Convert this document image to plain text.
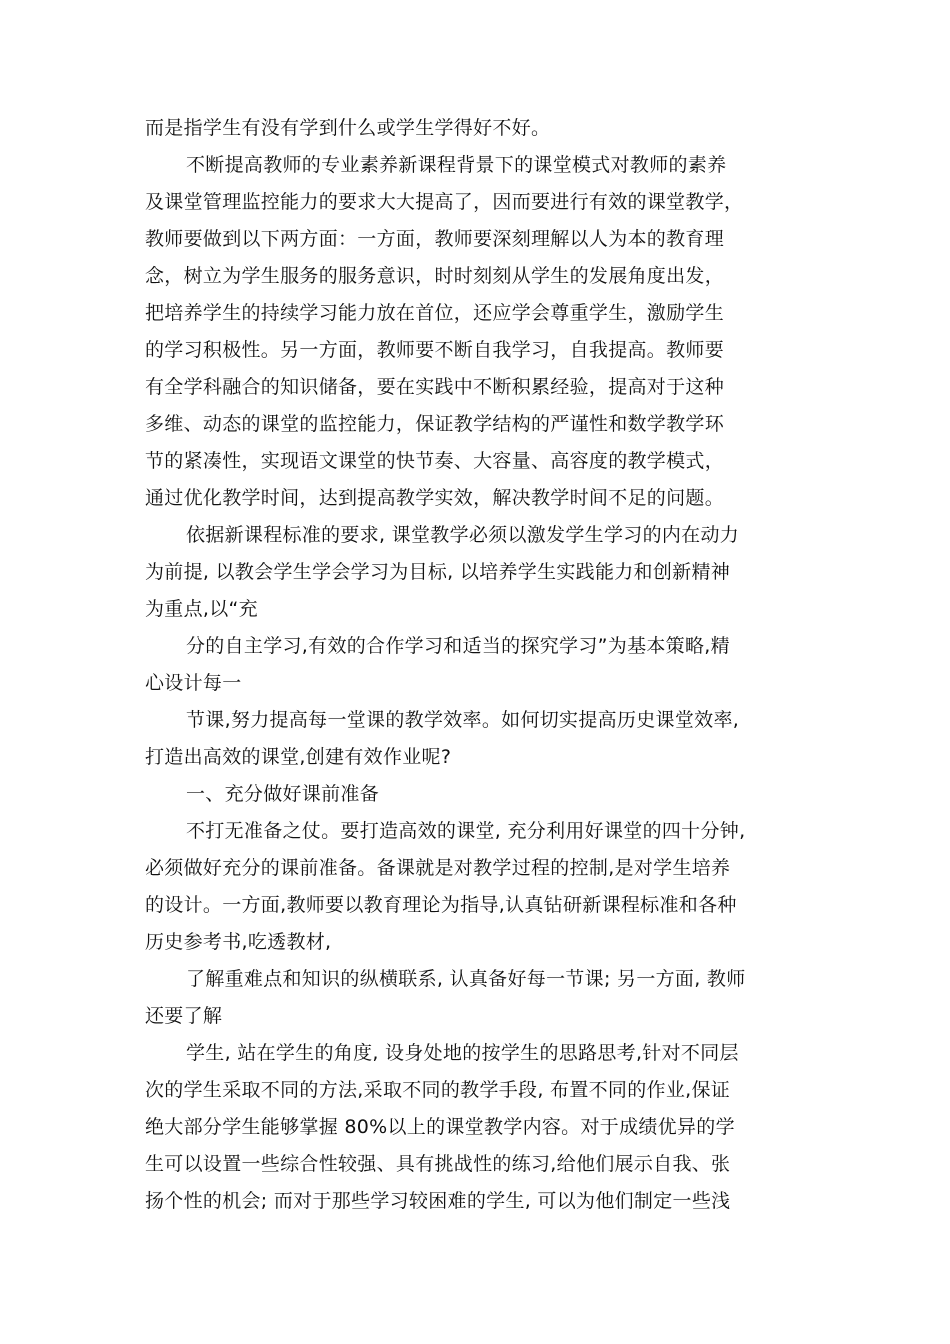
而是指学生有没有学到什么或学生学得好不好。
不断提高教师的专业素养新课程背景下的课堂模式对教师的素养
及课堂管理监控能力的要求大大提高了，因而要进行有效的课堂教学，
教师要做到以下两方面：一方面，教师要深刻理解以人为本的教育理
念，树立为学生服务的服务意识，时时刻刻从学生的发展角度出发，
把培养学生的持续学习能力放在首位，还应学会尊重学生，激励学生
的学习积极性。另一方面，教师要不断自我学习，自我提高。教师要
有全学科融合的知识储备，要在实践中不断积累经验，提高对于这种
多维、动态的课堂的监控能力，保证教学结构的严谨性和数学教学环
节的紧凑性，实现语文课堂的快节奏、大容量、高容度的教学模式，
通过优化教学时间，达到提高教学实效，解决教学时间不足的问题。
依据新课程标准的要求, 课堂教学必须以激发学生学习的内在动力
为前提, 以教会学生学会学习为目标, 以培养学生实践能力和创新精神
为重点,以“充
分的自主学习,有效的合作学习和适当的探究学习”为基本策略,精
心设计每一
节课,努力提高每一堂课的教学效率。如何切实提高历史课堂效率,
打造出高效的课堂,创建有效作业呢?
一、充分做好课前准备
不打无准备之仗。要打造高效的课堂, 充分利用好课堂的四十分钟,
必须做好充分的课前准备。备课就是对教学过程的控制,是对学生培养
的设计。一方面,教师要以教育理论为指导,认真钻研新课程标准和各种
历史参考书,吃透教材,
了解重难点和知识的纵横联系, 认真备好每一节课; 另一方面, 教师
还要了解
学生, 站在学生的角度, 设身处地的按学生的思路思考,针对不同层
次的学生采取不同的方法,采取不同的教学手段, 布置不同的作业,保证
绝大部分学生能够掌握 80%以上的课堂教学内容。对于成绩优异的学
生可以设置一些综合性较强、具有挑战性的练习,给他们展示自我、张
扬个性的机会; 而对于那些学习较困难的学生, 可以为他们制定一些浅
